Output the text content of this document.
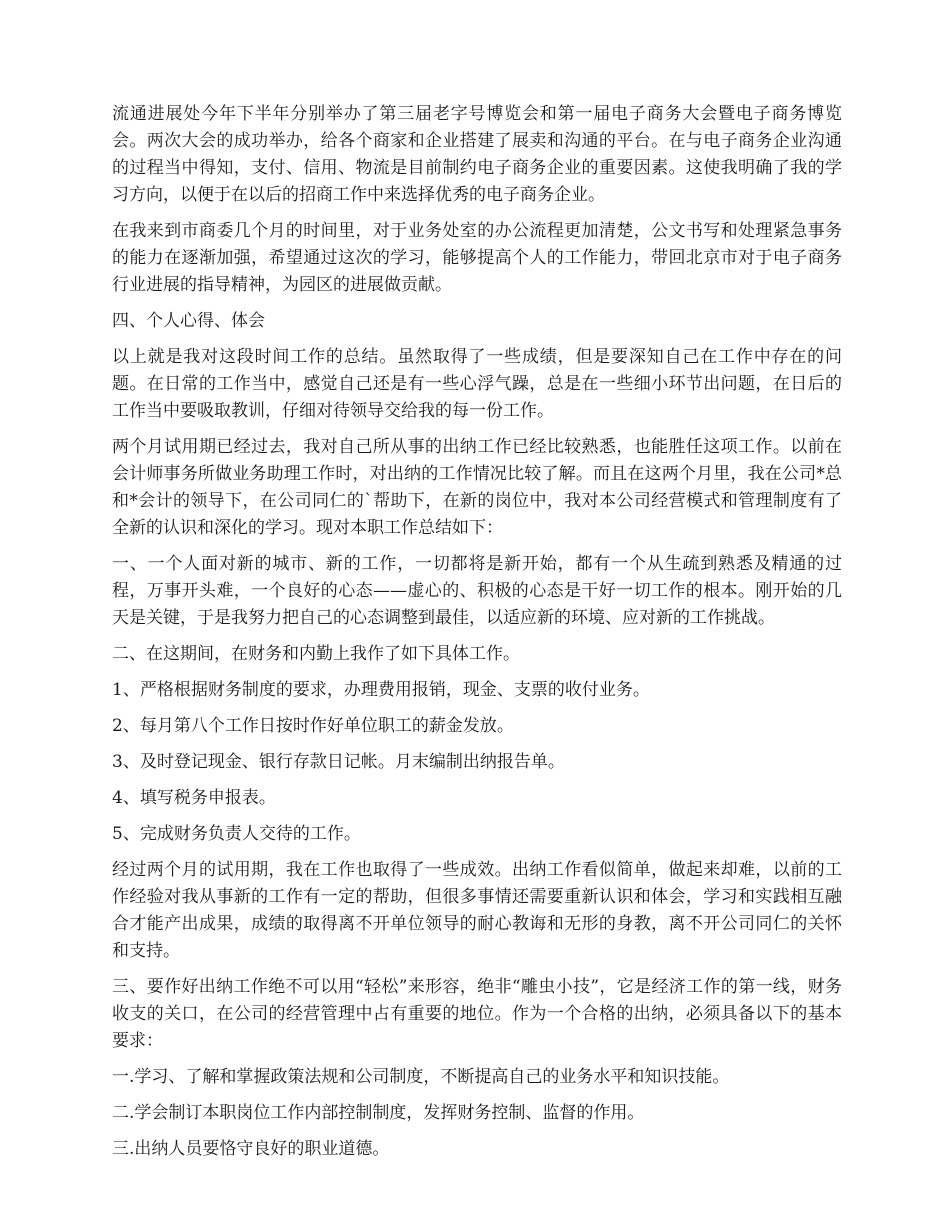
流通进展处今年下半年分别举办了第三届老字号博览会和第一届电子商务大会暨电子商务博览会。两次大会的成功举办，给各个商家和企业搭建了展卖和沟通的平台。在与电子商务企业沟通的过程当中得知，支付、信用、物流是目前制约电子商务企业的重要因素。这使我明确了我的学习方向，以便于在以后的招商工作中来选择优秀的电子商务企业。

在我来到市商委几个月的时间里，对于业务处室的办公流程更加清楚，公文书写和处理紧急事务的能力在逐渐加强，希望通过这次的学习，能够提高个人的工作能力，带回北京市对于电子商务行业进展的指导精神，为园区的进展做贡献。

四、个人心得、体会

以上就是我对这段时间工作的总结。虽然取得了一些成绩，但是要深知自己在工作中存在的问题。在日常的工作当中，感觉自己还是有一些心浮气躁，总是在一些细小环节出问题，在日后的工作当中要吸取教训，仔细对待领导交给我的每一份工作。

两个月试用期已经过去，我对自己所从事的出纳工作已经比较熟悉，也能胜任这项工作。以前在会计师事务所做业务助理工作时，对出纳的工作情况比较了解。而且在这两个月里，我在公司*总和*会计的领导下，在公司同仁的`帮助下，在新的岗位中，我对本公司经营模式和管理制度有了全新的认识和深化的学习。现对本职工作总结如下：

一、一个人面对新的城市、新的工作，一切都将是新开始，都有一个从生疏到熟悉及精通的过程，万事开头难，一个良好的心态——虚心的、积极的心态是干好一切工作的根本。刚开始的几天是关键，于是我努力把自己的心态调整到最佳，以适应新的环境、应对新的工作挑战。

二、在这期间，在财务和内勤上我作了如下具体工作。

1、严格根据财务制度的要求，办理费用报销，现金、支票的收付业务。

2、每月第八个工作日按时作好单位职工的薪金发放。

3、及时登记现金、银行存款日记帐。月末编制出纳报告单。

4、填写税务申报表。

5、完成财务负责人交待的工作。

经过两个月的试用期，我在工作也取得了一些成效。出纳工作看似简单，做起来却难，以前的工作经验对我从事新的工作有一定的帮助，但很多事情还需要重新认识和体会，学习和实践相互融合才能产出成果，成绩的取得离不开单位领导的耐心教诲和无形的身教，离不开公司同仁的关怀和支持。

三、要作好出纳工作绝不可以用“轻松”来形容，绝非“雕虫小技”，它是经济工作的第一线，财务收支的关口，在公司的经营管理中占有重要的地位。作为一个合格的出纳，必须具备以下的基本要求：

一.学习、了解和掌握政策法规和公司制度，不断提高自己的业务水平和知识技能。

二.学会制订本职岗位工作内部控制制度，发挥财务控制、监督的作用。

三.出纳人员要恪守良好的职业道德。
